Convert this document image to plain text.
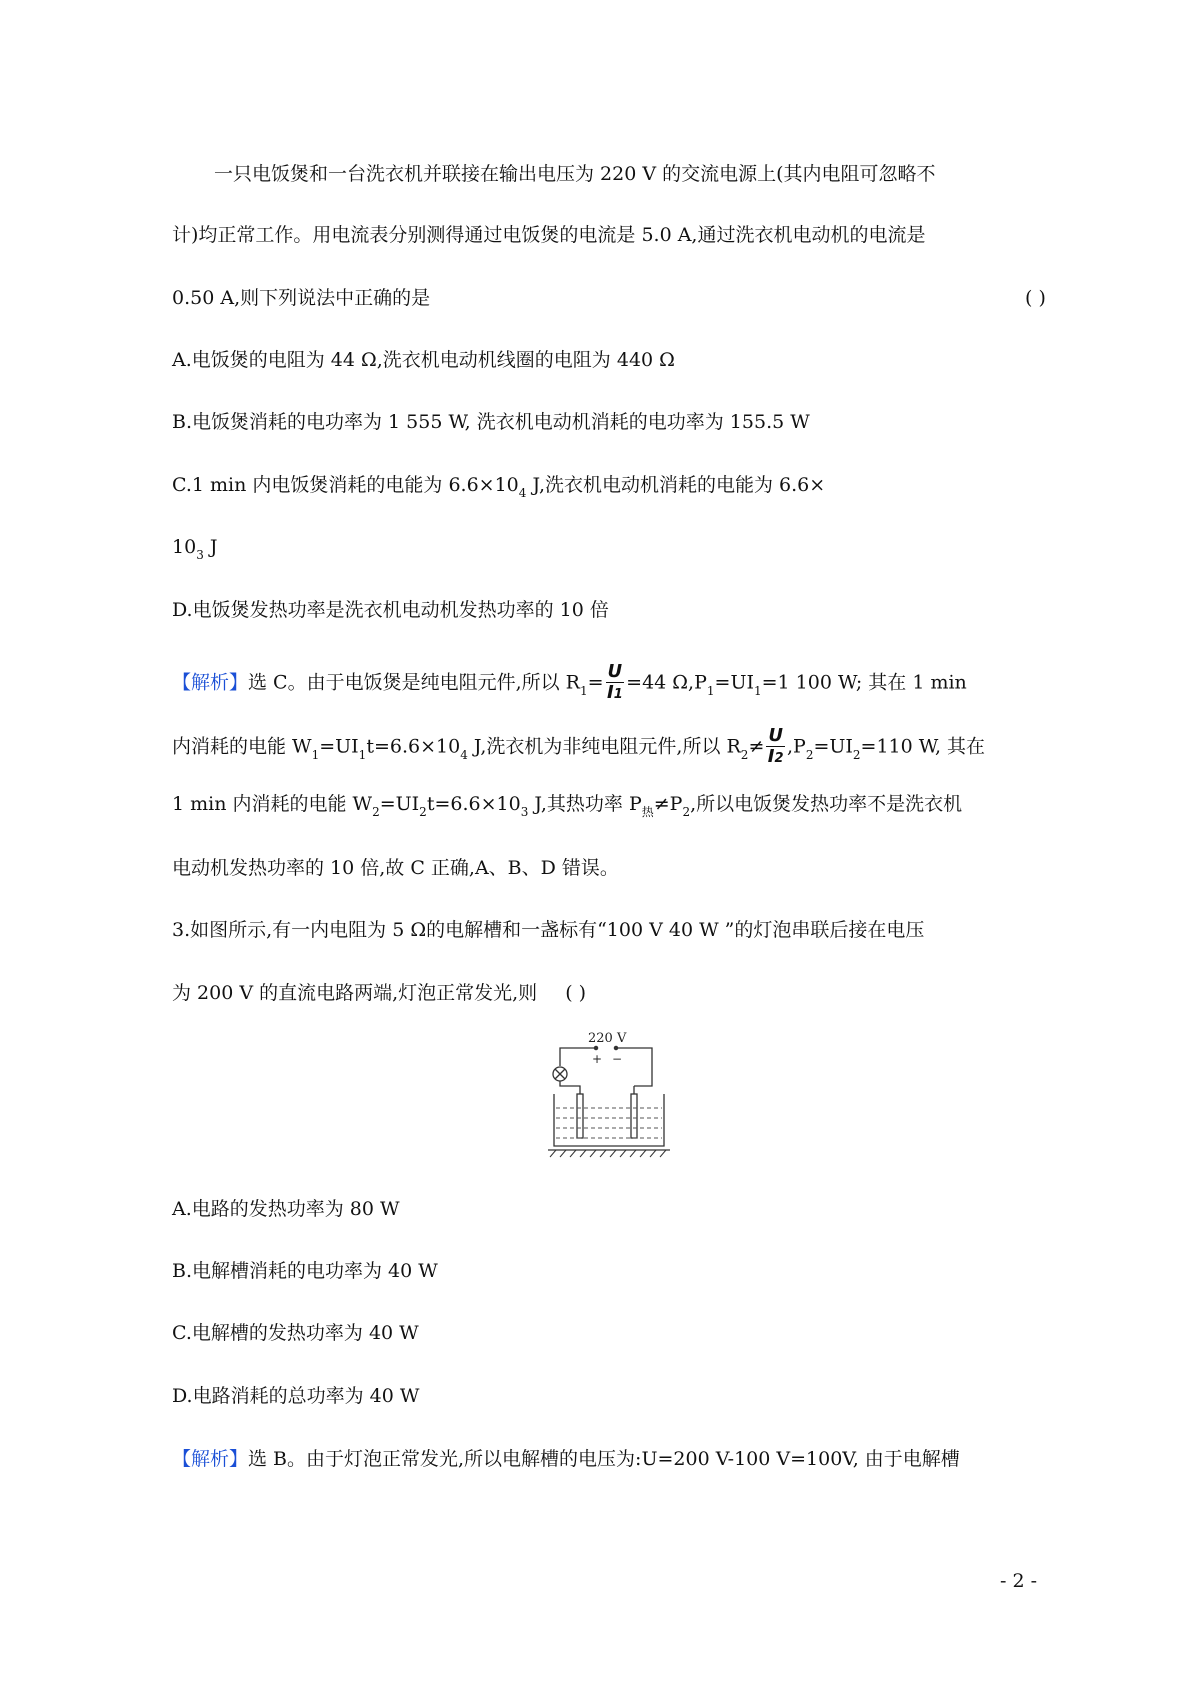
一只电饭煲和一台洗衣机并联接在输出电压为 220 V 的交流电源上(其内电阻可忽略不
计)均正常工作。用电流表分别测得通过电饭煲的电流是 5.0 A,通过洗衣机电动机的电流是
0.50 A,则下列说法中正确的是	( )
A.电饭煲的电阻为 44 Ω,洗衣机电动机线圈的电阻为 440 Ω
B.电饭煲消耗的电功率为 1 555 W, 洗衣机电动机消耗的电功率为 155.5 W
C.1 min 内电饭煲消耗的电能为 $6.6\times 10_4$ J,洗衣机电动机消耗的电能为 6.6×
$10_3$ J
D.电饭煲发热功率是洗衣机电动机发热功率的 10 倍
【解析】选 C。由于电饭煲是纯电阻元件,所以 $R_1= \frac{U}{I1} =44$ $\Omega,P_1=UI_1=1$ 100 W; 其在 1 min
内消耗的电能 $W_1=UI_1t=6.6\times 10_4$ J,洗衣机为非纯电阻元件,所以 $R_2\ne \frac{U}{I2} ,P_2=UI_2=110$ W, 其在
1 min 内消耗的电能 $W_2=UI_2t=6.6\times 10_3$ J,其热功率 $P_热\ne P_2$,所以电饭煲发热功率不是洗衣机
电动机发热功率的 10 倍,故 C 正确,A、B、D 错误。
3.如图所示,有一内电阻为 5 Ω的电解槽和一盏标有“100 V 40 W ”的灯泡串联后接在电压
为 200 V 的直流电路两端,灯泡正常发光,则 ( )
220 V
+ −
A.电路的发热功率为 80 W
B.电解槽消耗的电功率为 40 W
C.电解槽的发热功率为 40 W
D.电路消耗的总功率为 40 W
【解析】选 B。由于灯泡正常发光,所以电解槽的电压为:U=200 V-100 V=100V, 由于电解槽
- 2 -
